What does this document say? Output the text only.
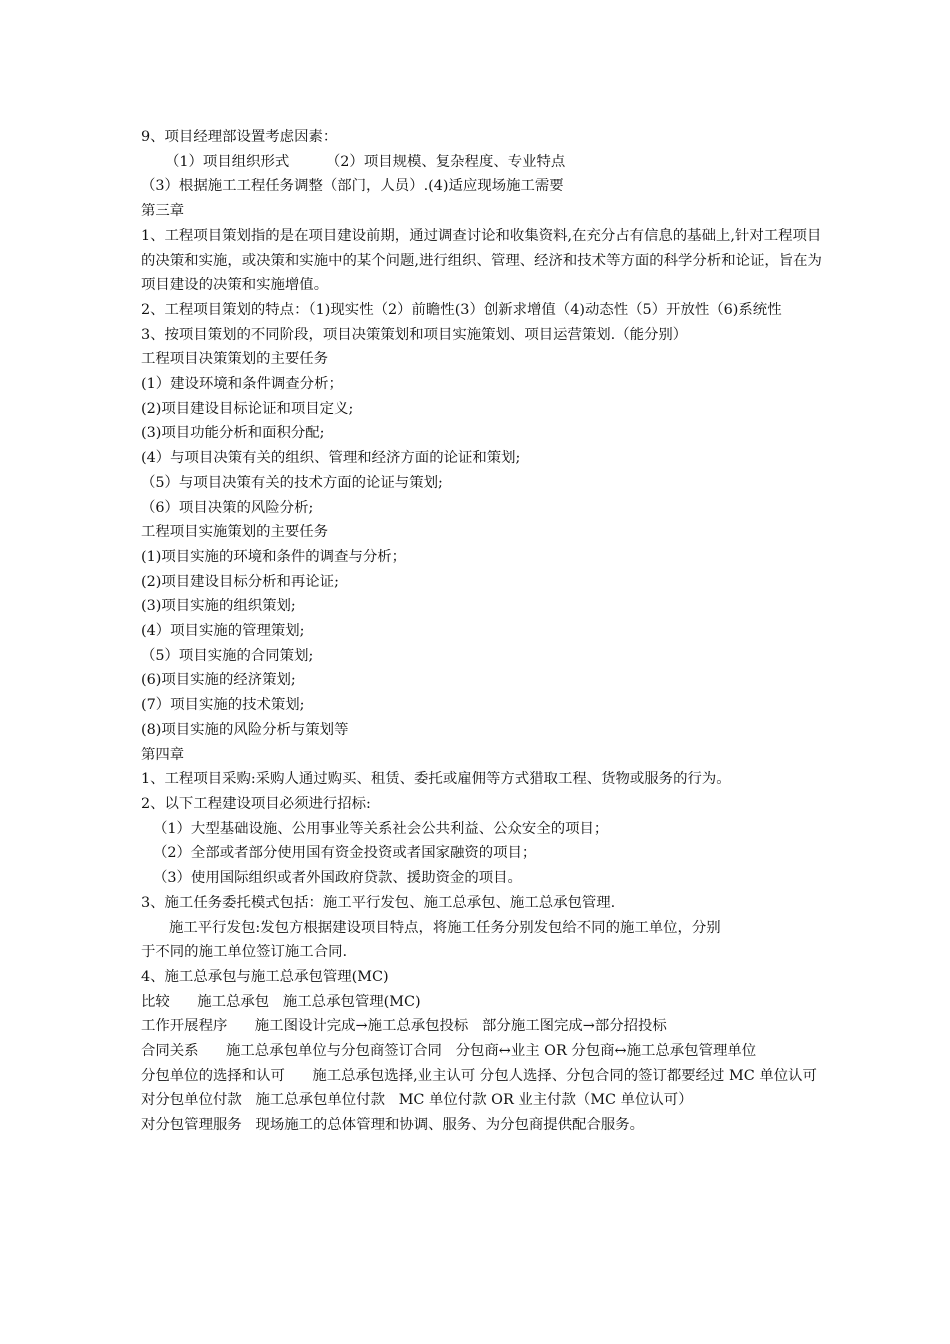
9、项目经理部设置考虑因素：

（1）项目组织形式        （2）项目规模、复杂程度、专业特点

（3）根据施工工程任务调整（部门，人员）.(4)适应现场施工需要

第三章

1、工程项目策划指的是在项目建设前期，通过调查讨论和收集资料,在充分占有信息的基础上,针对工程项目的决策和实施，或决策和实施中的某个问题,进行组织、管理、经济和技术等方面的科学分析和论证，旨在为项目建设的决策和实施增值。

2、工程项目策划的特点：（1)现实性（2）前瞻性(3）创新求增值（4)动态性（5）开放性（6)系统性

3、按项目策划的不同阶段，项目决策策划和项目实施策划、项目运营策划.（能分别）

工程项目决策策划的主要任务

(1）建设环境和条件调查分析；

(2)项目建设目标论证和项目定义;

(3)项目功能分析和面积分配;

(4）与项目决策有关的组织、管理和经济方面的论证和策划;

（5）与项目决策有关的技术方面的论证与策划;

（6）项目决策的风险分析;

工程项目实施策划的主要任务

(1)项目实施的环境和条件的调查与分析；

(2)项目建设目标分析和再论证;

(3)项目实施的组织策划;

(4）项目实施的管理策划;

（5）项目实施的合同策划;

(6)项目实施的经济策划;

(7）项目实施的技术策划;

(8)项目实施的风险分析与策划等

第四章

1、工程项目采购:采购人通过购买、租赁、委托或雇佣等方式猎取工程、货物或服务的行为。

2、以下工程建设项目必须进行招标:

（1）大型基础设施、公用事业等关系社会公共利益、公众安全的项目；

（2）全部或者部分使用国有资金投资或者国家融资的项目；

（3）使用国际组织或者外国政府贷款、援助资金的项目。

3、施工任务委托模式包括：施工平行发包、施工总承包、施工总承包管理.

施工平行发包:发包方根据建设项目特点，将施工任务分别发包给不同的施工单位，分别

于不同的施工单位签订施工合同.

4、施工总承包与施工总承包管理(MC)

比较      施工总承包   施工总承包管理(MC)

工作开展程序      施工图设计完成→施工总承包投标   部分施工图完成→部分招投标

合同关系      施工总承包单位与分包商签订合同   分包商↔业主 OR 分包商↔施工总承包管理单位

分包单位的选择和认可      施工总承包选择,业主认可 分包人选择、分包合同的签订都要经过 MC 单位认可

对分包单位付款   施工总承包单位付款   MC 单位付款 OR 业主付款（MC 单位认可）

对分包管理服务   现场施工的总体管理和协调、服务、为分包商提供配合服务。
